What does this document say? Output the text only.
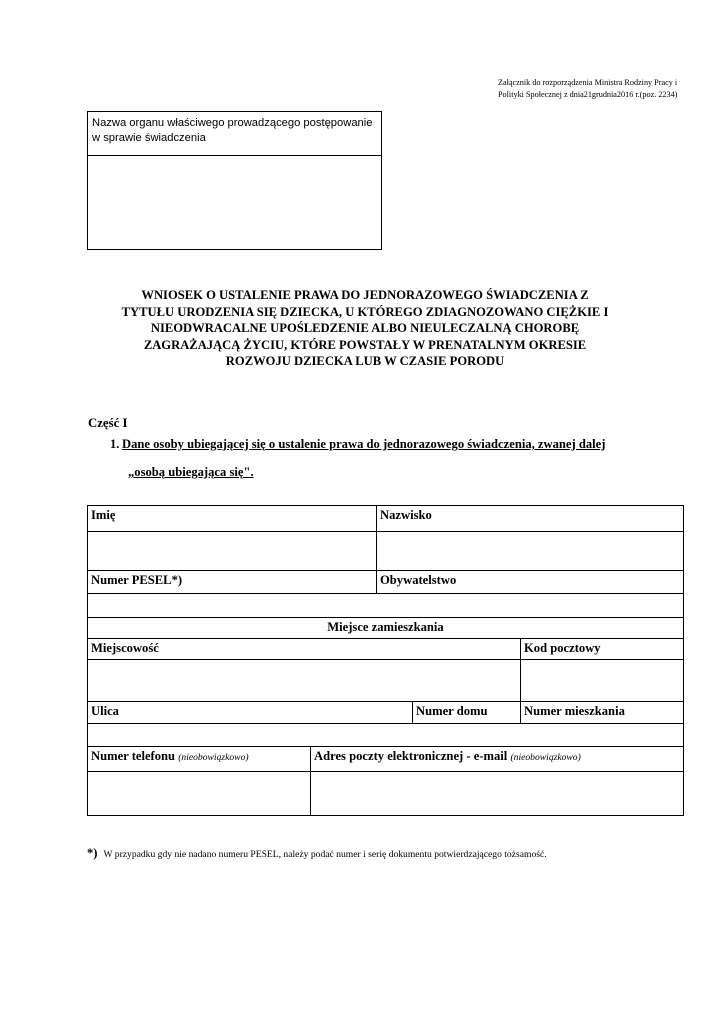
Załącznik do rozporządzenia Ministra Rodziny Pracy i
Polityki Społecznej z dnia21grudnia2016 r.(poz. 2234)
Nazwa organu właściwego prowadzącego postępowanie
w sprawie świadczenia
WNIOSEK O USTALENIE PRAWA DO JEDNORAZOWEGO ŚWIADCZENIA Z
TYTUŁU URODZENIA SIĘ DZIECKA, U KTÓREGO ZDIAGNOZOWANO CIĘŻKIE I
NIEODWRACALNE UPOŚLEDZENIE ALBO NIEULECZALNĄ CHOROBĘ
ZAGRAŻAJĄCĄ ŻYCIU, KTÓRE POWSTAŁY W PRENATALNYM OKRESIE
ROZWOJU DZIECKA LUB W CZASIE PORODU
Część I
1. Dane osoby ubiegającej się o ustalenie prawa do jednorazowego świadczenia, zwanej dalej
„osobą ubiegająca się".
Imię	Nazwisko
Numer PESEL*)	Obywatelstwo
Miejsce zamieszkania
Miejscowość	Kod pocztowy
Ulica	Numer domu	Numer mieszkania
Numer telefonu (nieobowiązkowo)	Adres poczty elektronicznej - e-mail (nieobowiązkowo)
*) W przypadku gdy nie nadano numeru PESEL, należy podać numer i serię dokumentu potwierdzającego tożsamość.
